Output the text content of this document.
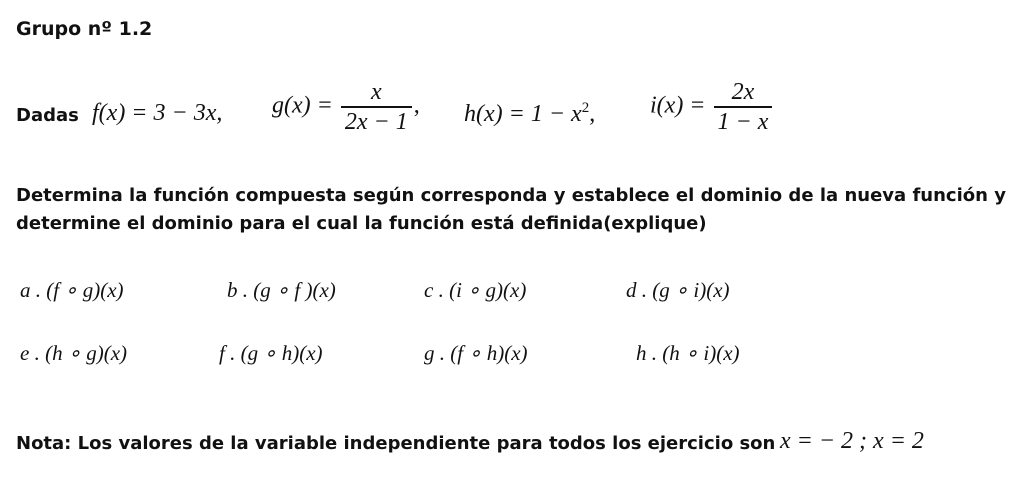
Grupo nº 1.2
Dadas f(x) = 3 − 3x, $g(x) = \frac{x}{2x - 1}$ , $h(x) = 1 - x^2$, $i(x) = \frac{2x}{1 - x}$
Determina la función compuesta según corresponda y establece el dominio de la nueva función y determine el dominio para el cual la función está definida(explique)
a . (f ∘ g)(x)	b . (g ∘ f )(x)	c . (i ∘ g)(x)	d . (g ∘ i)(x)
e . (h ∘ g)(x)	f . (g ∘ h)(x)	g . (f ∘ h)(x)	h . (h ∘ i)(x)
Nota: Los valores de la variable independiente para todos los ejercicio son x = − 2 ; x = 2
